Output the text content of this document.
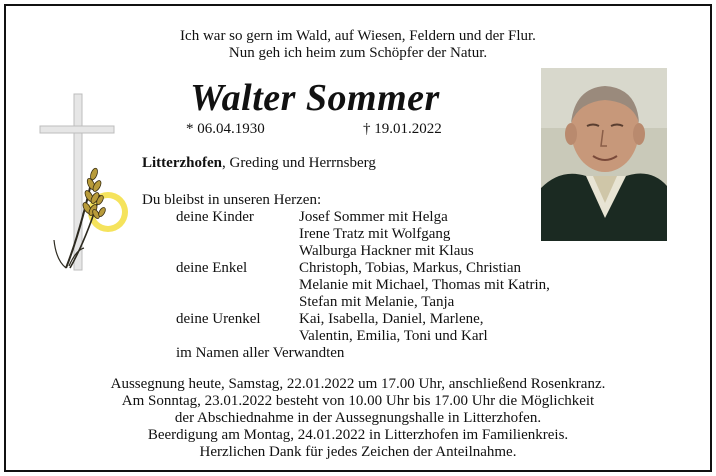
Ich war so gern im Wald, auf Wiesen, Feldern und der Flur.
Nun geh ich heim zum Schöpfer der Natur.
Walter Sommer
* 06.04.1930	† 19.01.2022
Litterzhofen, Greding und Herrnsberg
Du bleibst in unseren Herzen:
deine Kinder	Josef Sommer mit Helga
Irene Tratz mit Wolfgang
Walburga Hackner mit Klaus
deine Enkel	Christoph, Tobias, Markus, Christian
Melanie mit Michael, Thomas mit Katrin,
Stefan mit Melanie, Tanja
deine Urenkel	Kai, Isabella, Daniel, Marlene,
Valentin, Emilia, Toni und Karl
im Namen aller Verwandten
Aussegnung heute, Samstag, 22.01.2022 um 17.00 Uhr, anschließend Rosenkranz.
Am Sonntag, 23.01.2022 besteht von 10.00 Uhr bis 17.00 Uhr die Möglichkeit
der Abschiednahme in der Aussegnungshalle in Litterzhofen.
Beerdigung am Montag, 24.01.2022 in Litterzhofen im Familienkreis.
Herzlichen Dank für jedes Zeichen der Anteilnahme.
